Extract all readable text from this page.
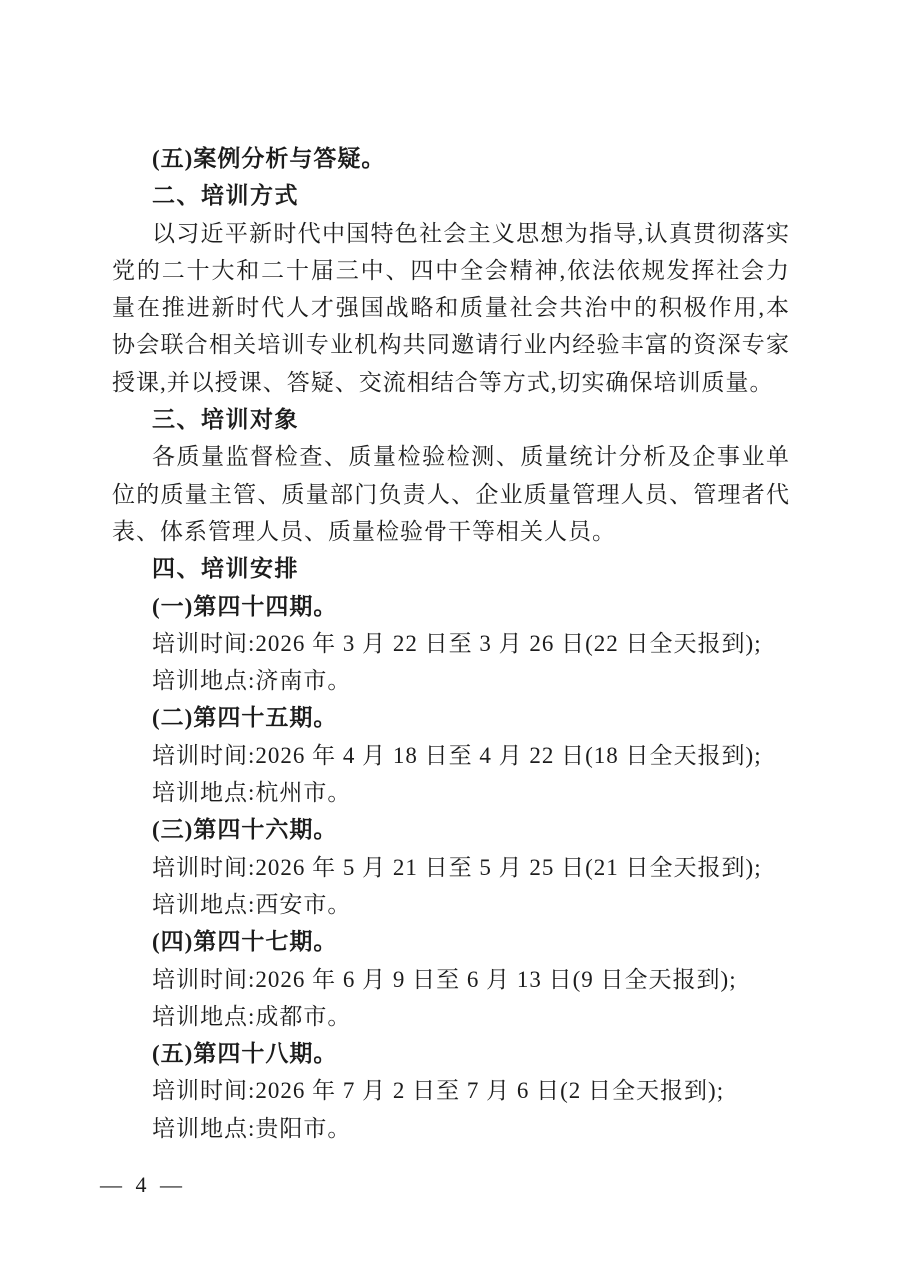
(五)案例分析与答疑。
二、培训方式
以习近平新时代中国特色社会主义思想为指导,认真贯彻落实党的二十大和二十届三中、四中全会精神,依法依规发挥社会力量在推进新时代人才强国战略和质量社会共治中的积极作用,本协会联合相关培训专业机构共同邀请行业内经验丰富的资深专家授课,并以授课、答疑、交流相结合等方式,切实确保培训质量。
三、培训对象
各质量监督检查、质量检验检测、质量统计分析及企事业单位的质量主管、质量部门负责人、企业质量管理人员、管理者代表、体系管理人员、质量检验骨干等相关人员。
四、培训安排
(一)第四十四期。
培训时间:2026 年 3 月 22 日至 3 月 26 日(22 日全天报到);
培训地点:济南市。
(二)第四十五期。
培训时间:2026 年 4 月 18 日至 4 月 22 日(18 日全天报到);
培训地点:杭州市。
(三)第四十六期。
培训时间:2026 年 5 月 21 日至 5 月 25 日(21 日全天报到);
培训地点:西安市。
(四)第四十七期。
培训时间:2026 年 6 月 9 日至 6 月 13 日(9 日全天报到);
培训地点:成都市。
(五)第四十八期。
培训时间:2026 年 7 月 2 日至 7 月 6 日(2 日全天报到);
培训地点:贵阳市。
— 4 —
